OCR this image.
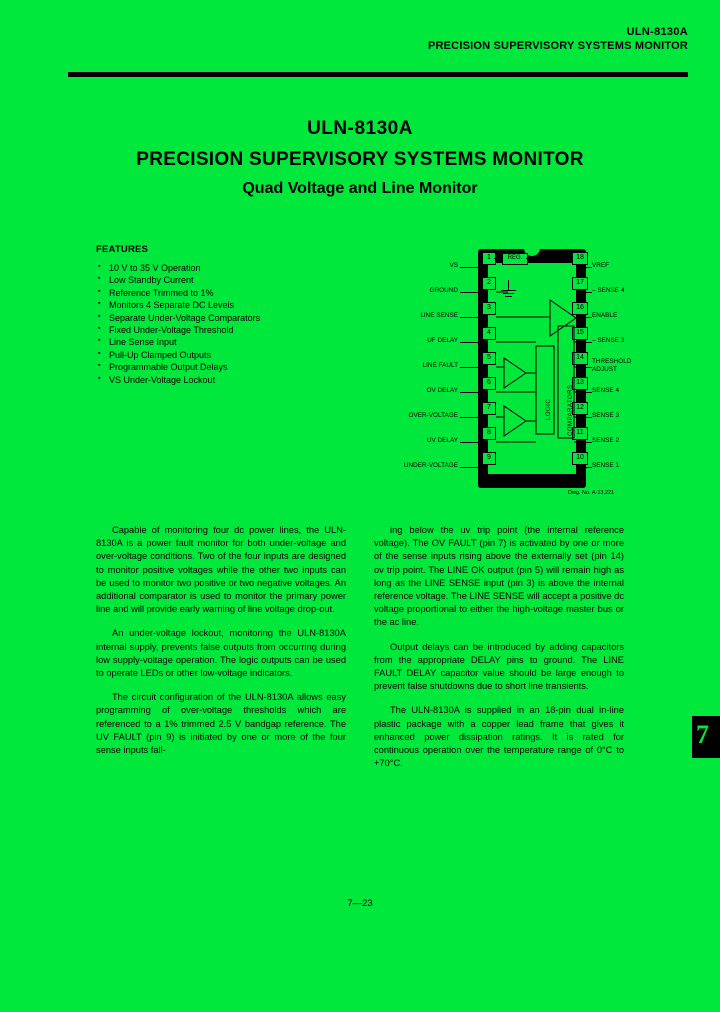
ULN-8130A
PRECISION SUPERVISORY SYSTEMS MONITOR
ULN-8130A
PRECISION SUPERVISORY SYSTEMS MONITOR
Quad Voltage and Line Monitor
FEATURES
▪ 10 V to 35 V Operation
▪ Low Standby Current
▪ Reference Trimmed to 1%
▪ Monitors 4 Separate DC Levels
▪ Separate Under-Voltage Comparators
▪ Fixed Under-Voltage Threshold
▪ Line Sense Input
▪ Pull-Up Clamped Outputs
▪ Programmable Output Delays
▪ VS Under-Voltage Lockout
VS
GROUND
LINE SENSE
UF DELAY
LINE FAULT
OV DELAY
OVER-VOLTAGE
UV DELAY
UNDER-VOLTAGE
VREF
– SENSE 4
ENABLE
– SENSE 3
THRESHOLD ADJUST
SENSE 4
SENSE 3
SENSE 2
SENSE 1
1
2
3
4
5
6
7
8
9
18
17
16
15
14
13
12
11
10
REG.
LOGIC	COMPARATORS
Dwg. No. A-13,221

Capable of monitoring four dc power lines, the ULN-8130A is a power fault monitor for both under-voltage and over-voltage conditions. Two of the four inputs are designed to monitor positive voltages while the other two inputs can be used to monitor two positive or two negative voltages. An additional comparator is used to monitor the primary power line and will provide early warning of line voltage drop-out.

An under-voltage lockout, monitoring the ULN-8130A internal supply, prevents false outputs from occurring during low supply-voltage operation. The logic outputs can be used to operate LEDs or other low-voltage indicators.

The circuit configuration of the ULN-8130A allows easy programming of over-voltage thresholds which are referenced to a 1% trimmed 2.5 V bandgap reference. The UV FAULT (pin 9) is initiated by one or more of the four sense inputs fall-

ing below the uv trip point (the internal reference voltage). The OV FAULT (pin 7) is activated by one or more of the sense inputs rising above the externally set (pin 14) ov trip point. The LINE OK output (pin 5) will remain high as long as the LINE SENSE input (pin 3) is above the internal reference voltage. The LINE SENSE will accept a positive dc voltage proportional to either the high-voltage master bus or the ac line.

Output delays can be introduced by adding capacitors from the appropriate DELAY pins to ground. The LINE FAULT DELAY capacitor value should be large enough to prevent false shutdowns due to short line transients.

The ULN-8130A is supplied in an 18-pin dual in-line plastic package with a copper lead frame that gives it enhanced power dissipation ratings. It is rated for continuous operation over the temperature range of 0°C to +70°C.

7
7—23
